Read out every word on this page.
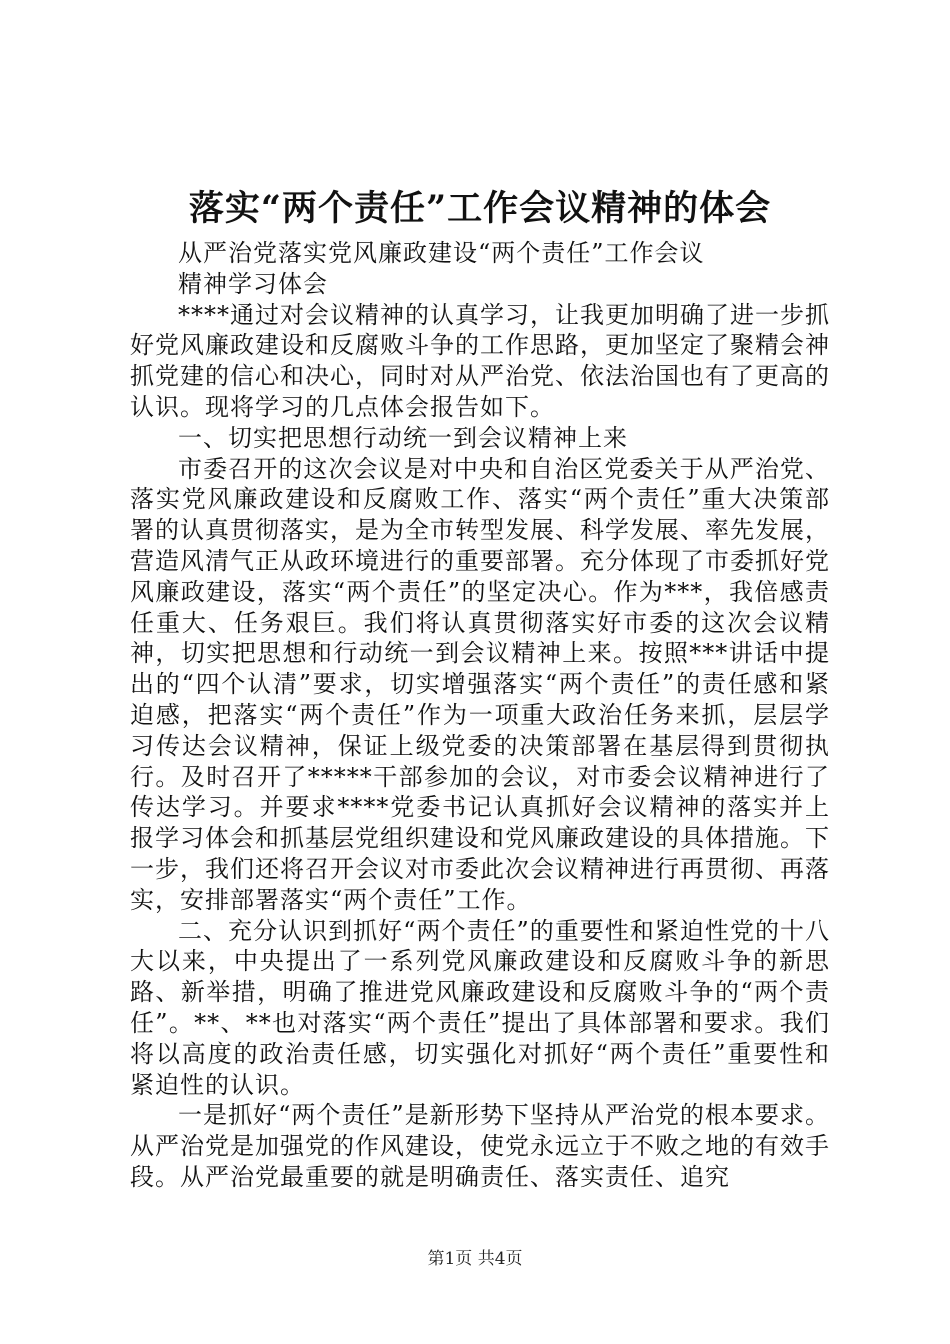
落实“两个责任”工作会议精神的体会

从严治党落实党风廉政建设“两个责任”工作会议精神学习体会

****通过对会议精神的认真学习，让我更加明确了进一步抓好党风廉政建设和反腐败斗争的工作思路，更加坚定了聚精会神抓党建的信心和决心，同时对从严治党、依法治国也有了更高的认识。现将学习的几点体会报告如下。

一、切实把思想行动统一到会议精神上来

市委召开的这次会议是对中央和自治区党委关于从严治党、落实党风廉政建设和反腐败工作、落实“两个责任”重大决策部署的认真贯彻落实，是为全市转型发展、科学发展、率先发展，营造风清气正从政环境进行的重要部署。充分体现了市委抓好党风廉政建设，落实“两个责任”的坚定决心。作为***，我倍感责任重大、任务艰巨。我们将认真贯彻落实好市委的这次会议精神，切实把思想和行动统一到会议精神上来。按照***讲话中提出的“四个认清”要求，切实增强落实“两个责任”的责任感和紧迫感，把落实“两个责任”作为一项重大政治任务来抓，层层学习传达会议精神，保证上级党委的决策部署在基层得到贯彻执行。及时召开了*****干部参加的会议，对市委会议精神进行了传达学习。并要求****党委书记认真抓好会议精神的落实并上报学习体会和抓基层党组织建设和党风廉政建设的具体措施。下一步，我们还将召开会议对市委此次会议精神进行再贯彻、再落实，安排部署落实“两个责任”工作。

二、充分认识到抓好“两个责任”的重要性和紧迫性党的十八大以来，中央提出了一系列党风廉政建设和反腐败斗争的新思路、新举措，明确了推进党风廉政建设和反腐败斗争的“两个责任”。**、**也对落实“两个责任”提出了具体部署和要求。我们将以高度的政治责任感，切实强化对抓好“两个责任”重要性和紧迫性的认识。

一是抓好“两个责任”是新形势下坚持从严治党的根本要求。从严治党是加强党的作风建设，使党永远立于不败之地的有效手段。从严治党最重要的就是明确责任、落实责任、追究

第1页 共4页
